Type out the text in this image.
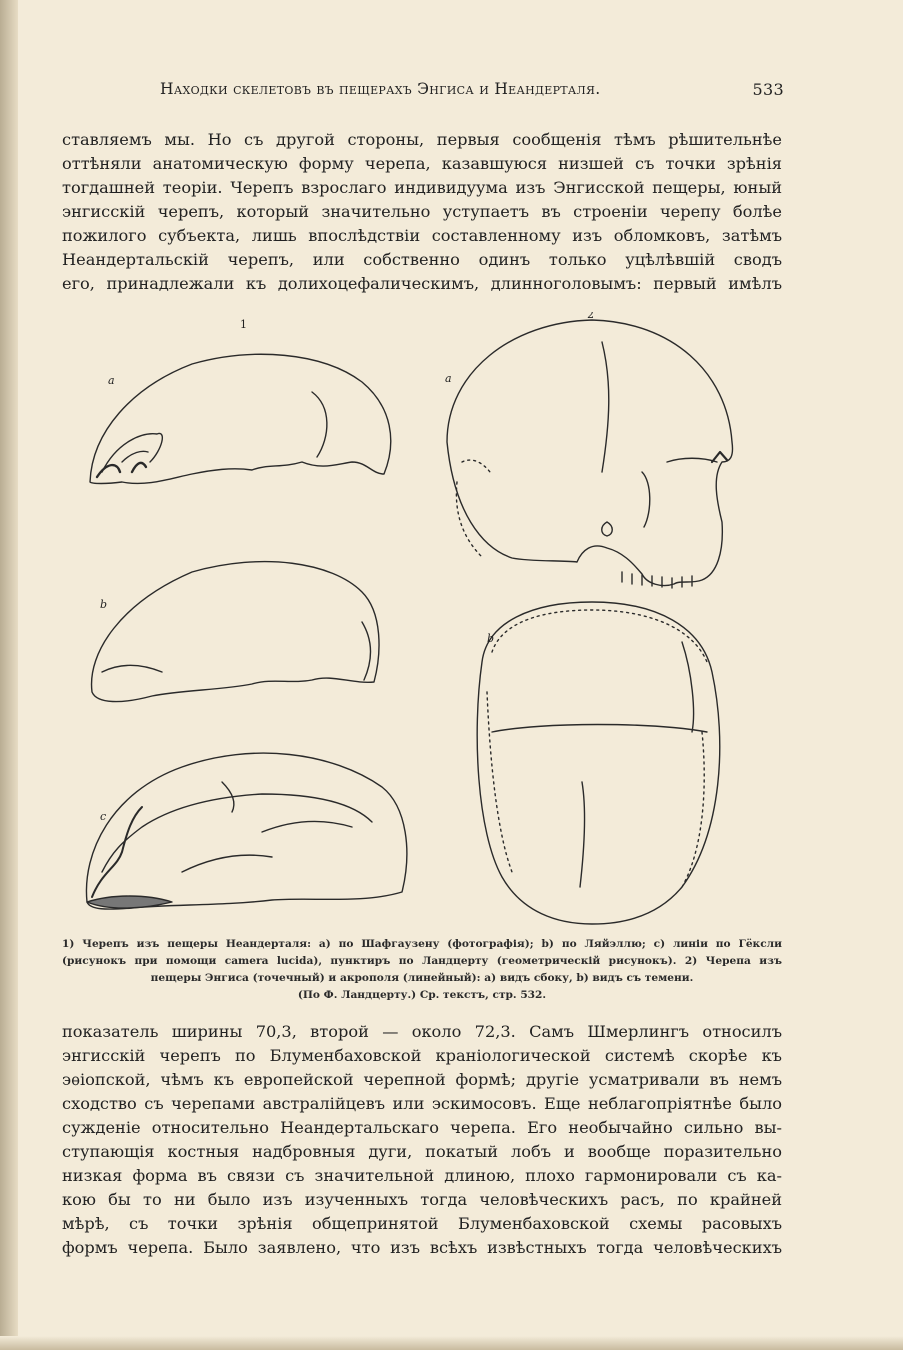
Находки скелетовъ въ пещерахъ Энгиса и Неандерталя.	533
ставляемъ мы. Но съ другой стороны, первыя сообщенія тѣмъ рѣшительнѣе
оттѣняли анатомическую форму черепа, казавшуюся низшей съ точки зрѣнія
тогдашней теоріи. Черепъ взрослаго индивидуума изъ Энгисской пещеры, юный
энгисскій черепъ, который значительно уступаетъ въ строеніи черепу болѣе
пожилого субъекта, лишь впослѣдствіи составленному изъ обломковъ, затѣмъ
Неандертальскій черепъ, или собственно одинъ только уцѣлѣвшій сводъ
его, принадлежали къ долихоцефалическимъ, длинноголовымъ: первый имѣлъ
1
2
a
b
c
a
b
1) Черепъ изъ пещеры Неандерталя: а) по Шафгаузену (фотографія); b) по Ляйэллю; c) линіи по Гёксли
(рисунокъ при помощи camera lucida), пунктиръ по Ландцерту (геометрическій рисунокъ). 2) Черепа изъ
пещеры Энгиса (точечный) и акрополя (линейный): а) видъ сбоку, b) видъ съ темени.
(По Ф. Ландцерту.) Ср. текстъ, стр. 532.
показатель ширины 70,3, второй — около 72,3. Самъ Шмерлингъ относилъ
энгисскій черепъ по Блуменбаховской краніологической системѣ скорѣе къ
эѳіопской, чѣмъ къ европейской черепной формѣ; другіе усматривали въ немъ
сходство съ черепами австралійцевъ или эскимосовъ. Еще неблагопріятнѣе было
сужденіе относительно Неандертальскаго черепа. Его необычайно сильно вы-
ступающія костныя надбровныя дуги, покатый лобъ и вообще поразительно
низкая форма въ связи съ значительной длиною, плохо гармонировали съ ка-
кою бы то ни было изъ изученныхъ тогда человѣческихъ расъ, по крайней
мѣрѣ, съ точки зрѣнія общепринятой Блуменбаховской схемы расовыхъ
формъ черепа. Было заявлено, что изъ всѣхъ извѣстныхъ тогда человѣческихъ
